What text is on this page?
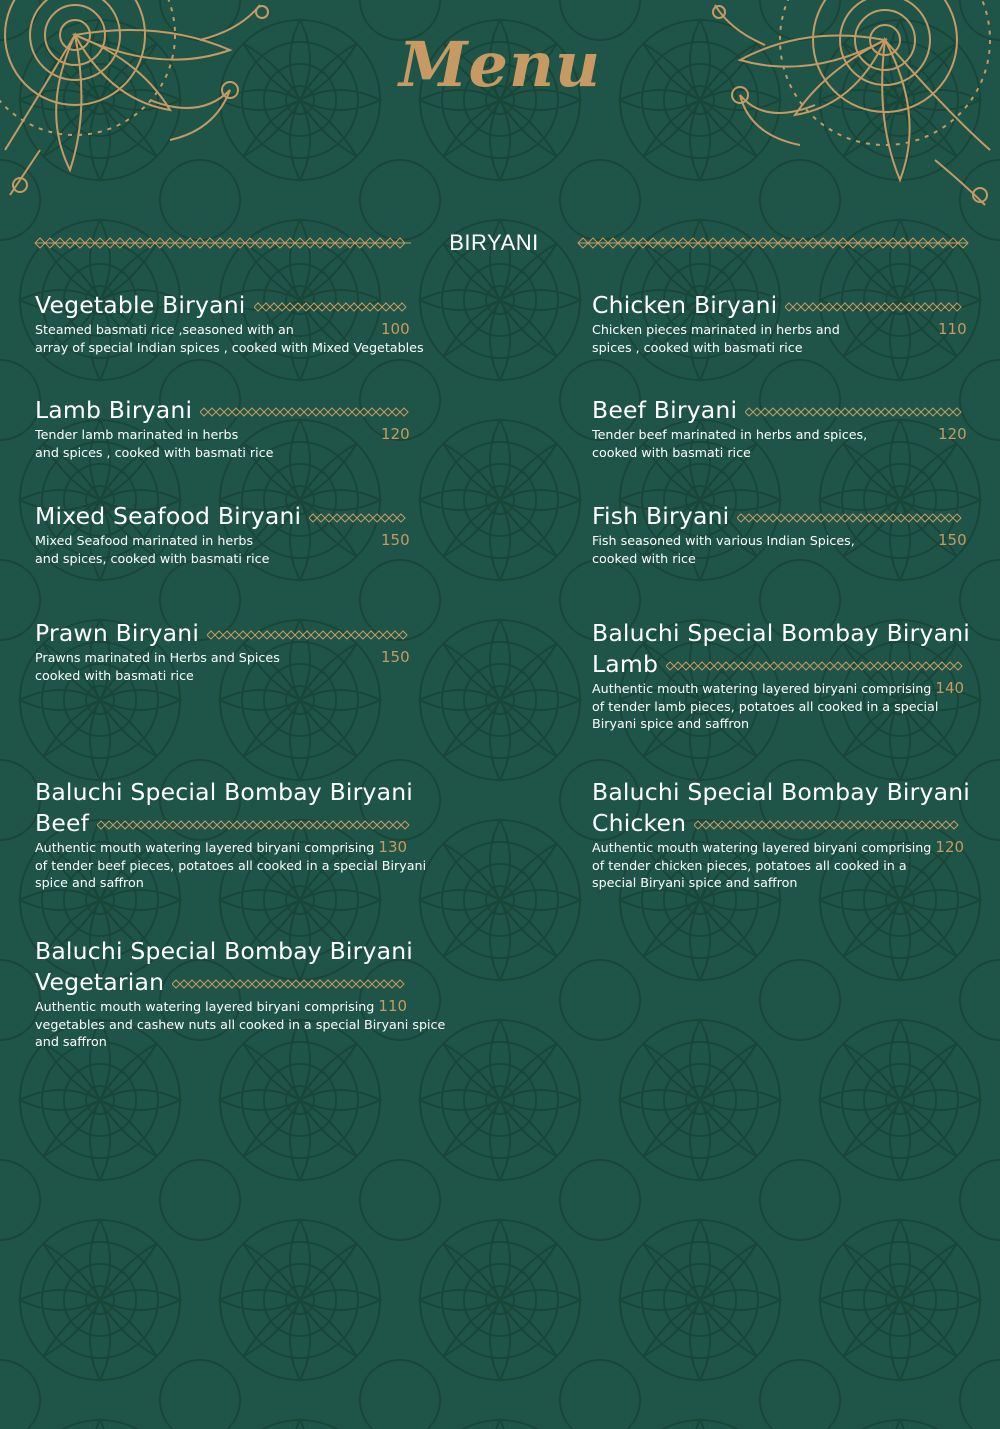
Menu
BIRYANI
Vegetable Biryani
Steamed basmati rice ,seasoned with an
array of special Indian spices , cooked with Mixed Vegetables
100
Lamb Biryani
Tender lamb marinated in herbs
and spices , cooked with basmati rice
120
Mixed Seafood Biryani
Mixed Seafood marinated in herbs
and spices, cooked with basmati rice
150
Prawn Biryani
Prawns marinated in Herbs and Spices
cooked with basmati rice
150
Baluchi Special Bombay Biryani
Beef
Authentic mouth watering layered biryani comprising 130
of tender beef pieces, potatoes all cooked in a special Biryani
spice and saffron
Baluchi Special Bombay Biryani
Vegetarian
Authentic mouth watering layered biryani comprising 110
vegetables and cashew nuts all cooked in a special Biryani spice
and saffron
Chicken Biryani
Chicken pieces marinated in herbs and
spices , cooked with basmati rice
110
Beef Biryani
Tender beef marinated in herbs and spices,
cooked with basmati rice
120
Fish Biryani
Fish seasoned with various Indian Spices,
cooked with rice
150
Baluchi Special Bombay Biryani
Lamb
Authentic mouth watering layered biryani comprising 140
of tender lamb pieces, potatoes all cooked in a special
Biryani spice and saffron
Baluchi Special Bombay Biryani
Chicken
Authentic mouth watering layered biryani comprising 120
of tender chicken pieces, potatoes all cooked in a
special Biryani spice and saffron
